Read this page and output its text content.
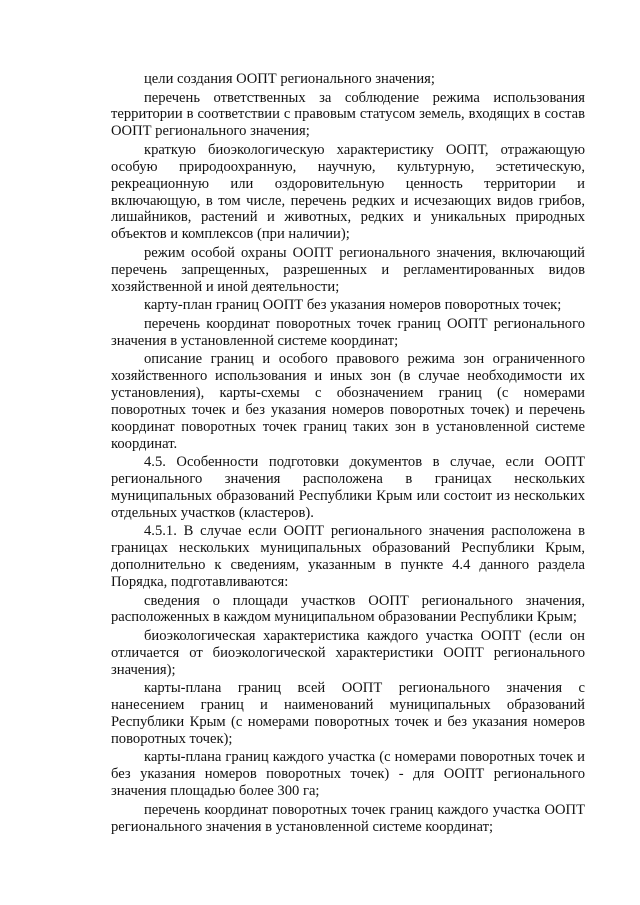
цели создания ООПТ регионального значения;

перечень ответственных за соблюдение режима использования территории в соответствии с правовым статусом земель, входящих в состав ООПТ регионального значения;

краткую биоэкологическую характеристику ООПТ, отражающую особую природоохранную, научную, культурную, эстетическую, рекреационную или оздоровительную ценность территории и включающую, в том числе, перечень редких и исчезающих видов грибов, лишайников, растений и животных, редких и уникальных природных объектов и комплексов (при наличии);

режим особой охраны ООПТ регионального значения, включающий перечень запрещенных, разрешенных и регламентированных видов хозяйственной и иной деятельности;

карту-план границ ООПТ без указания номеров поворотных точек;

перечень координат поворотных точек границ ООПТ регионального значения в установленной системе координат;

описание границ и особого правового режима зон ограниченного хозяйственного использования и иных зон (в случае необходимости их установления), карты-схемы с обозначением границ (с номерами поворотных точек и без указания номеров поворотных точек) и перечень координат поворотных точек границ таких зон в установленной системе координат.

4.5. Особенности подготовки документов в случае, если ООПТ регионального значения расположена в границах нескольких муниципальных образований Республики Крым или состоит из нескольких отдельных участков (кластеров).

4.5.1. В случае если ООПТ регионального значения расположена в границах нескольких муниципальных образований Республики Крым, дополнительно к сведениям, указанным в пункте 4.4 данного раздела Порядка, подготавливаются:

сведения о площади участков ООПТ регионального значения, расположенных в каждом муниципальном образовании Республики Крым;

биоэкологическая характеристика каждого участка ООПТ (если он отличается от биоэкологической характеристики ООПТ регионального значения);

карты-плана границ всей ООПТ регионального значения с нанесением границ и наименований муниципальных образований Республики Крым (с номерами поворотных точек и без указания номеров поворотных точек);

карты-плана границ каждого участка (с номерами поворотных точек и без указания номеров поворотных точек) - для ООПТ регионального значения площадью более 300 га;

перечень координат поворотных точек границ каждого участка ООПТ регионального значения в установленной системе координат;
